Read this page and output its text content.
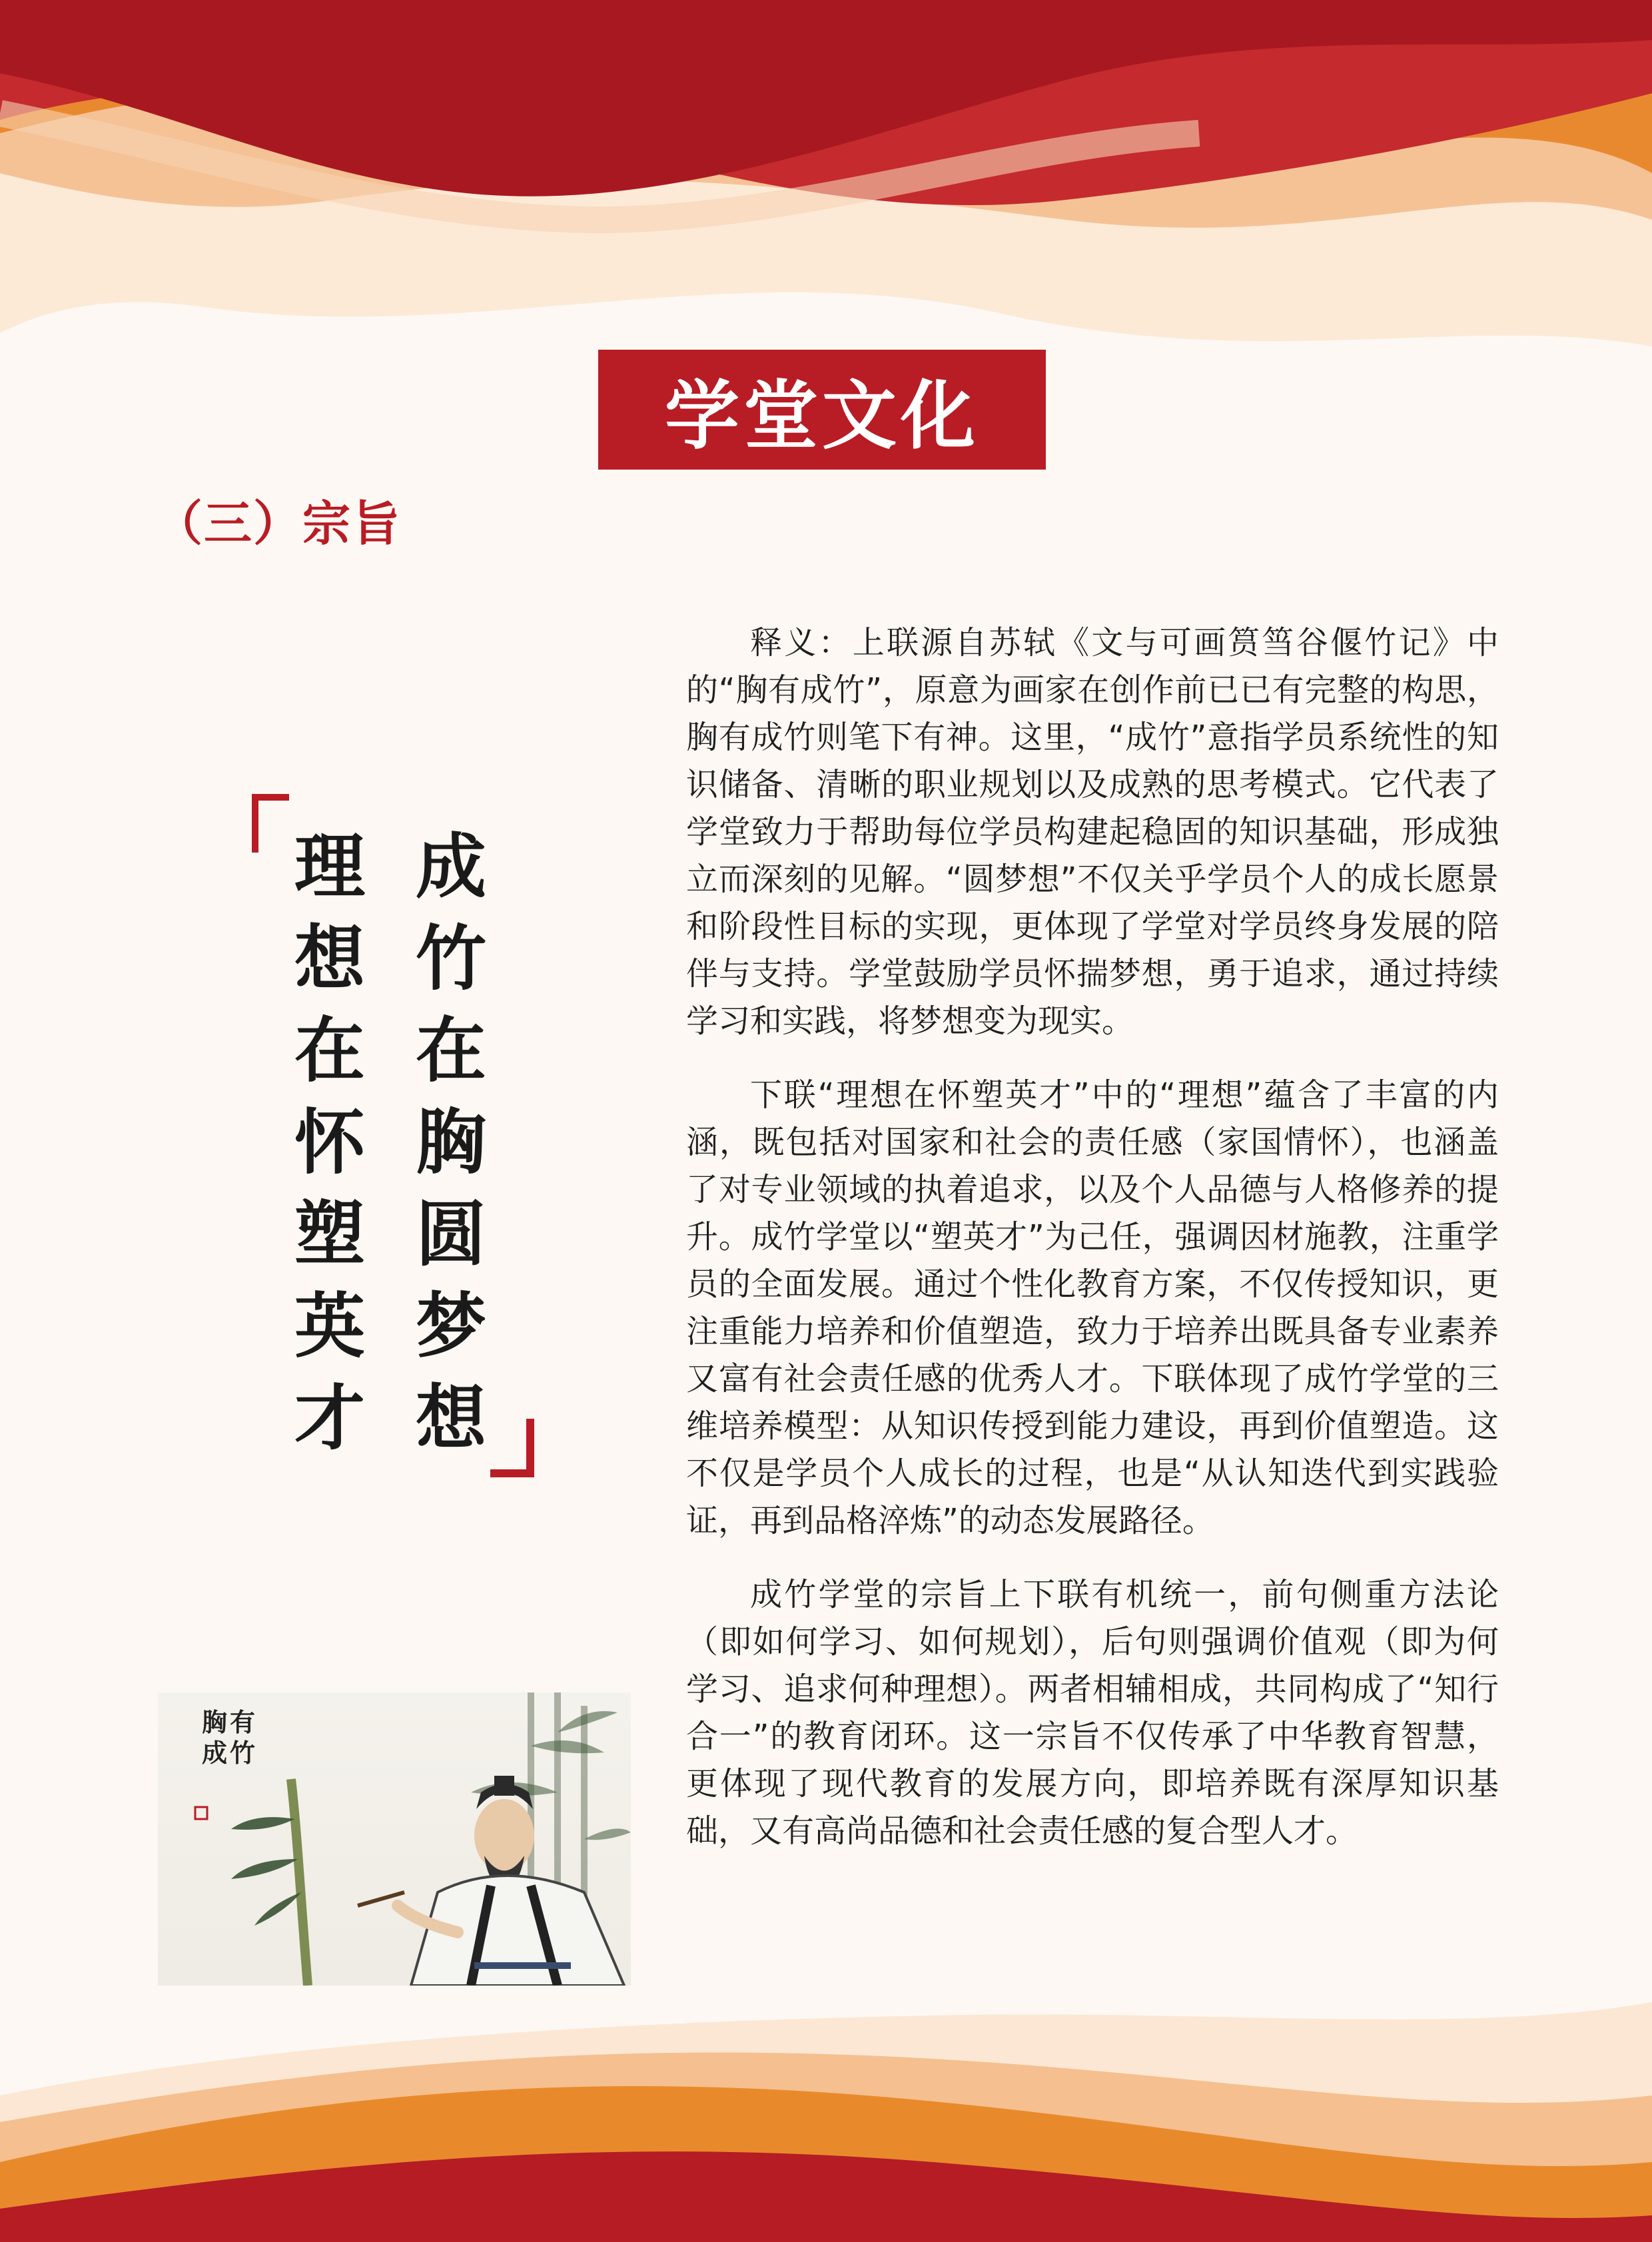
学堂文化
（三）宗旨
成
竹
在
胸
圆
梦
想
理
想
在
怀
塑
英
才

释义：上联源自苏轼《文与可画筼筜谷偃竹记》中的“胸有成竹”，原意为画家在创作前已已有完整的构思，胸有成竹则笔下有神。这里，“成竹”意指学员系统性的知识储备、清晰的职业规划以及成熟的思考模式。它代表了学堂致力于帮助每位学员构建起稳固的知识基础，形成独立而深刻的见解。“圆梦想”不仅关乎学员个人的成长愿景和阶段性目标的实现，更体现了学堂对学员终身发展的陪伴与支持。学堂鼓励学员怀揣梦想，勇于追求，通过持续学习和实践，将梦想变为现实。

下联“理想在怀塑英才”中的“理想”蕴含了丰富的内涵，既包括对国家和社会的责任感（家国情怀），也涵盖了对专业领域的执着追求，以及个人品德与人格修养的提升。成竹学堂以“塑英才”为己任，强调因材施教，注重学员的全面发展。通过个性化教育方案，不仅传授知识，更注重能力培养和价值塑造，致力于培养出既具备专业素养又富有社会责任感的优秀人才。下联体现了成竹学堂的三维培养模型：从知识传授到能力建设，再到价值塑造。这不仅是学员个人成长的过程，也是“从认知迭代到实践验证，再到品格淬炼”的动态发展路径。

成竹学堂的宗旨上下联有机统一，前句侧重方法论（即如何学习、如何规划），后句则强调价值观（即为何学习、追求何种理想）。两者相辅相成，共同构成了“知行合一”的教育闭环。这一宗旨不仅传承了中华教育智慧，更体现了现代教育的发展方向，即培养既有深厚知识基础，又有高尚品德和社会责任感的复合型人才。

胸有
成竹
